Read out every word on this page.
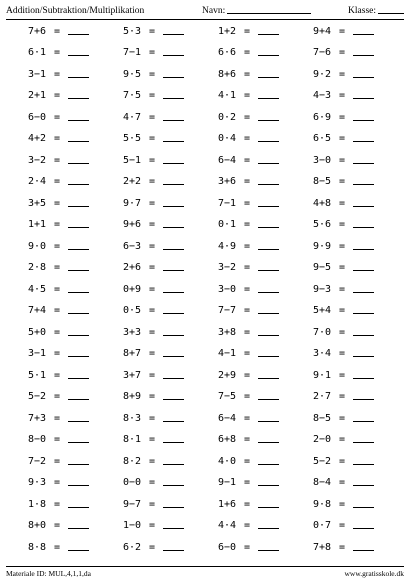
Addition/Subtraktion/Multiplikation	Navn:	Klasse:
7+6 =	5·3 =	1+2 =	9+4 =
6·1 =	7−1 =	6·6 =	7−6 =
3−1 =	9·5 =	8+6 =	9·2 =
2+1 =	7·5 =	4·1 =	4−3 =
6−0 =	4·7 =	0·2 =	6·9 =
4+2 =	5·5 =	0·4 =	6·5 =
3−2 =	5−1 =	6−4 =	3−0 =
2·4 =	2+2 =	3+6 =	8−5 =
3+5 =	9·7 =	7−1 =	4+8 =
1+1 =	9+6 =	0·1 =	5·6 =
9·0 =	6−3 =	4·9 =	9·9 =
2·8 =	2+6 =	3−2 =	9−5 =
4·5 =	0+9 =	3−0 =	9−3 =
7+4 =	0·5 =	7−7 =	5+4 =
5+0 =	3+3 =	3+8 =	7·0 =
3−1 =	8+7 =	4−1 =	3·4 =
5·1 =	3+7 =	2+9 =	9·1 =
5−2 =	8+9 =	7−5 =	2·7 =
7+3 =	8·3 =	6−4 =	8−5 =
8−0 =	8·1 =	6+8 =	2−0 =
7−2 =	8·2 =	4·0 =	5−2 =
9·3 =	0−0 =	9−1 =	8−4 =
1·8 =	9−7 =	1+6 =	9·8 =
8+0 =	1−0 =	4·4 =	0·7 =
8·8 =	6·2 =	6−0 =	7+8 =
Materiale ID: MUL,4,1,1,da	www.gratisskole.dk
